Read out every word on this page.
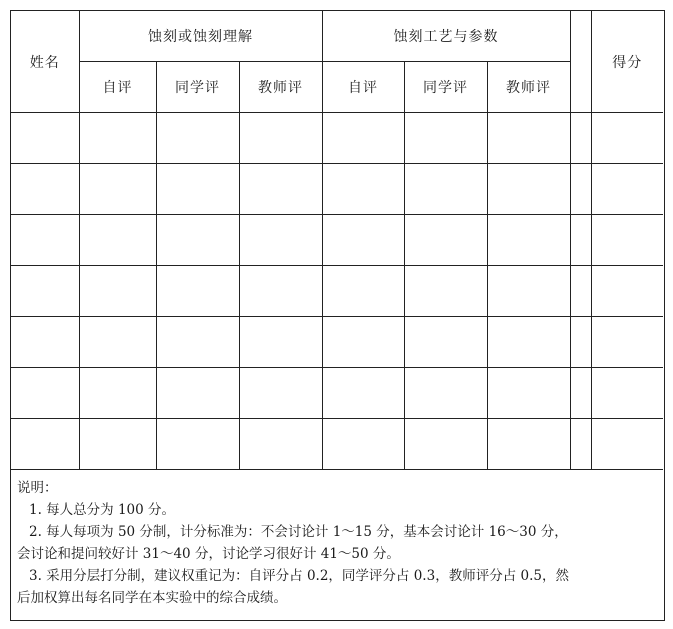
姓名	蚀刻或蚀刻理解			蚀刻工艺与参数				得分
	自评	同学评	教师评	自评	同学评	教师评		

说明：

1. 每人总分为 100 分。

2. 每人每项为 50 分制，计分标准为：不会讨论计 1～15 分，基本会讨论计 16～30 分，

会讨论和提问较好计 31～40 分，讨论学习很好计 41～50 分。

3. 采用分层打分制，建议权重记为：自评分占 0.2，同学评分占 0.3，教师评分占 0.5，然

后加权算出每名同学在本实验中的综合成绩。
